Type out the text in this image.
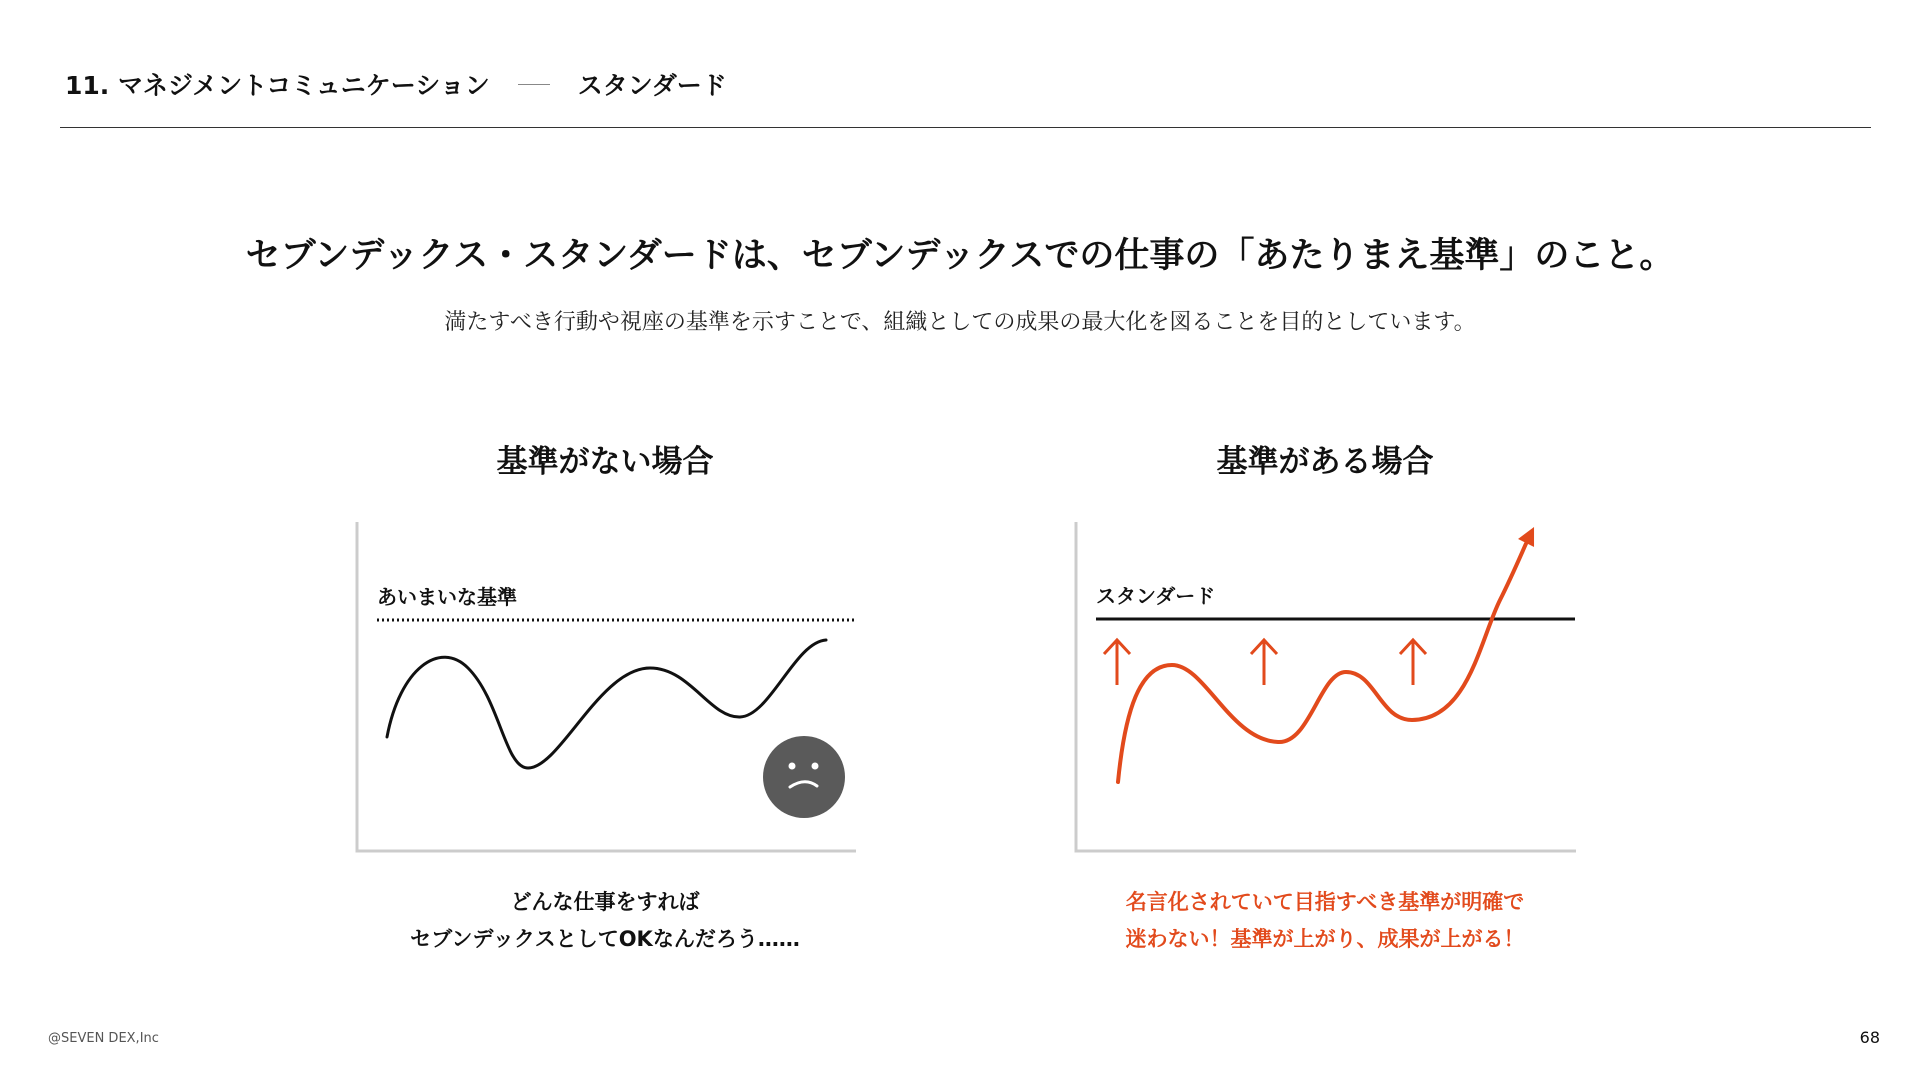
11. マネジメントコミュニケーション	スタンダード
セブンデックス・スタンダードは、セブンデックスでの仕事の「あたりまえ基準」のこと。
満たすべき行動や視座の基準を示すことで、組織としての成果の最大化を図ることを目的としています。
基準がない場合	基準がある場合
あいまいな基準	スタンダード
どんな仕事をすれば
セブンデックスとしてOKなんだろう……
名言化されていて目指すべき基準が明確で
迷わない！基準が上がり、成果が上がる！
@SEVEN DEX,Inc	68
